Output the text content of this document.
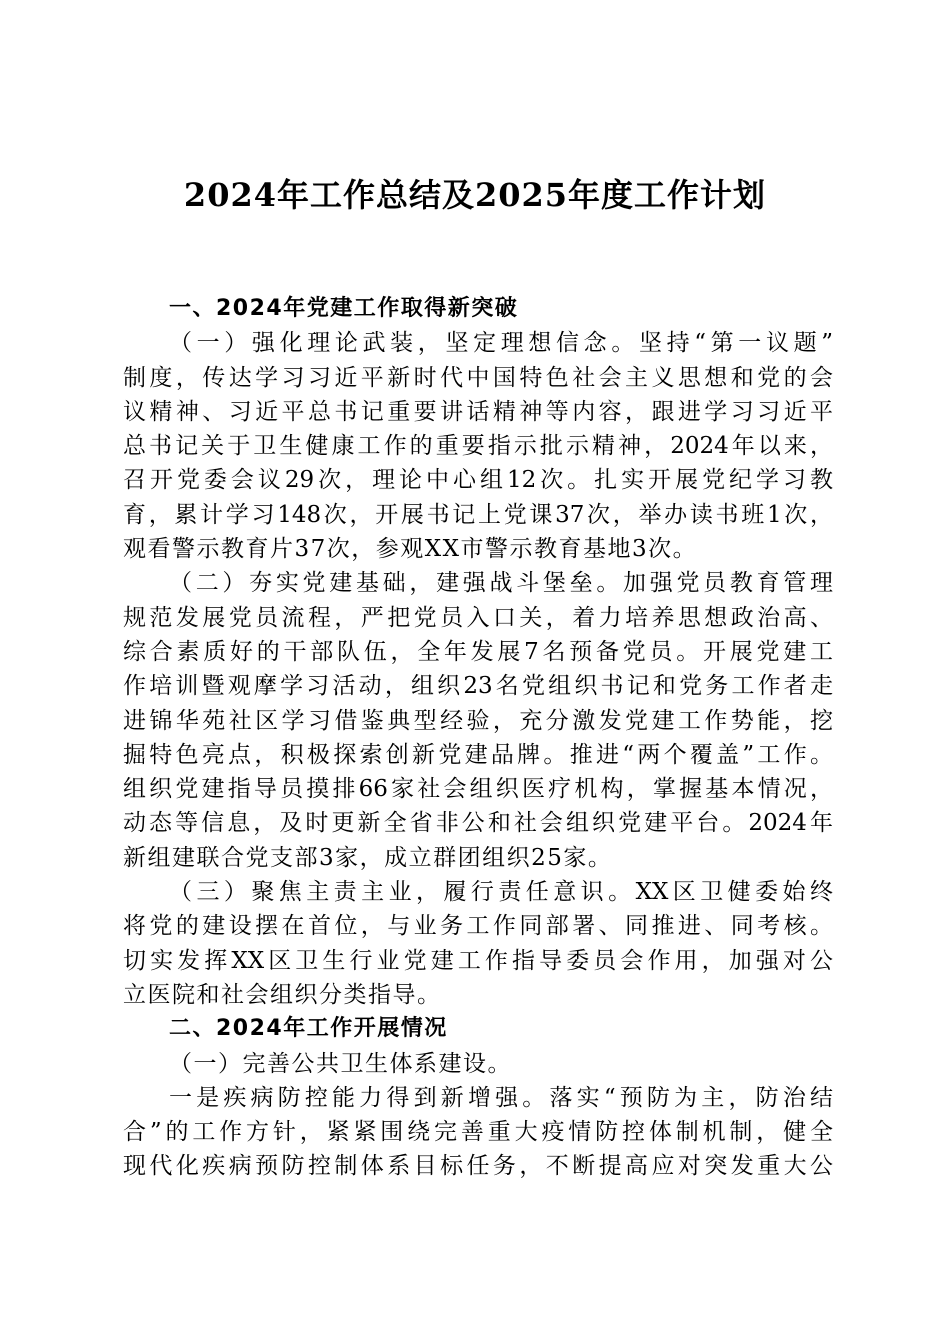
2024年工作总结及2025年度工作计划
一、2024年党建工作取得新突破
（一）强化理论武装，坚定理想信念。坚持“第一议题”
制度，传达学习习近平新时代中国特色社会主义思想和党的会
议精神、习近平总书记重要讲话精神等内容，跟进学习习近平
总书记关于卫生健康工作的重要指示批示精神，2024年以来，
召开党委会议29次，理论中心组12次。扎实开展党纪学习教
育，累计学习148次，开展书记上党课37次，举办读书班1次，
观看警示教育片37次，参观XX市警示教育基地3次。
（二）夯实党建基础，建强战斗堡垒。加强党员教育管理
规范发展党员流程，严把党员入口关，着力培养思想政治高、
综合素质好的干部队伍，全年发展7名预备党员。开展党建工
作培训暨观摩学习活动，组织23名党组织书记和党务工作者走
进锦华苑社区学习借鉴典型经验，充分激发党建工作势能，挖
掘特色亮点，积极探索创新党建品牌。推进“两个覆盖”工作。
组织党建指导员摸排66家社会组织医疗机构，掌握基本情况，
动态等信息，及时更新全省非公和社会组织党建平台。2024年
新组建联合党支部3家，成立群团组织25家。
（三）聚焦主责主业，履行责任意识。XX区卫健委始终
将党的建设摆在首位，与业务工作同部署、同推进、同考核。
切实发挥XX区卫生行业党建工作指导委员会作用，加强对公
立医院和社会组织分类指导。
二、2024年工作开展情况
（一）完善公共卫生体系建设。
一是疾病防控能力得到新增强。落实“预防为主，防治结
合”的工作方针，紧紧围绕完善重大疫情防控体制机制，健全
现代化疾病预防控制体系目标任务，不断提高应对突发重大公
